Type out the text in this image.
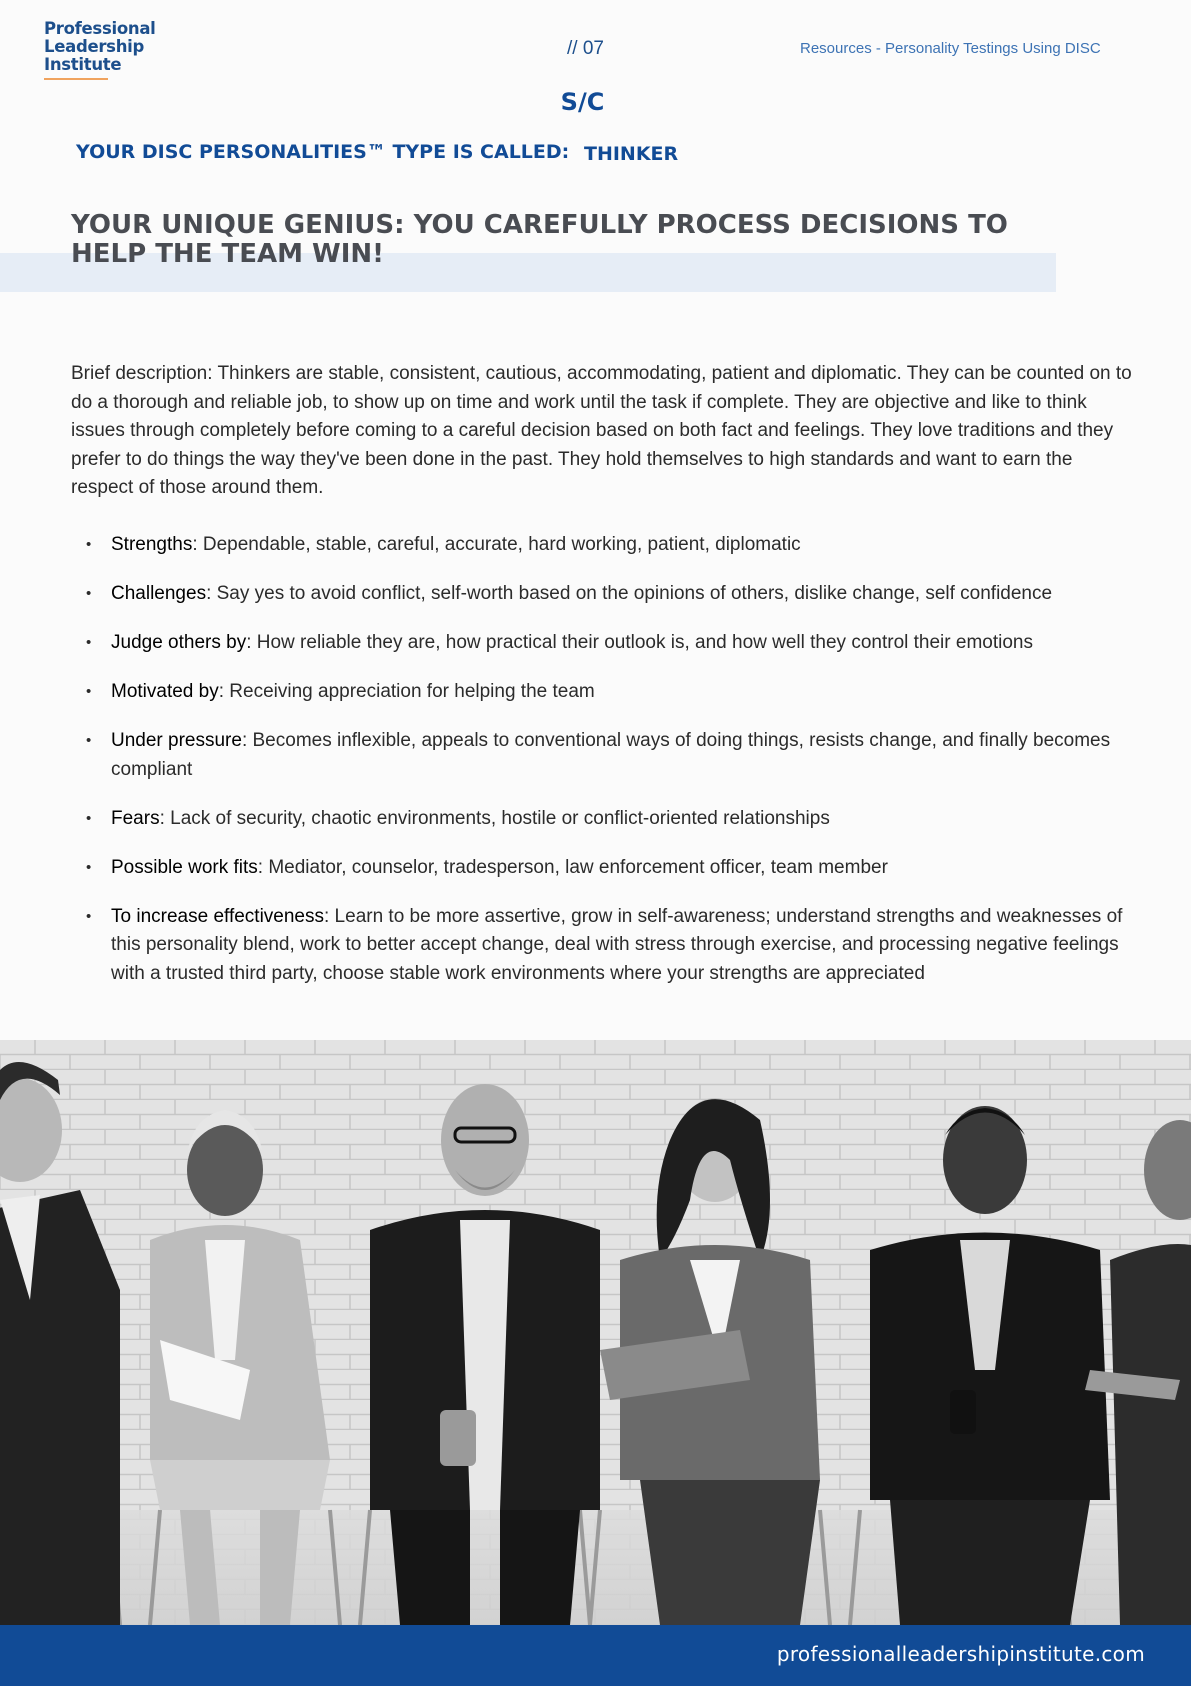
Professional
Leadership
Institute
// 07	Resources - Personality Testings Using DISC
S/C
YOUR DISC PERSONALITIES™ TYPE IS CALLED: THINKER
YOUR UNIQUE GENIUS: YOU CAREFULLY PROCESS DECISIONS TO HELP THE TEAM WIN!

Brief description: Thinkers are stable, consistent, cautious, accommodating, patient and diplomatic. They can be counted on to do a thorough and reliable job, to show up on time and work until the task if complete. They are objective and like to think issues through completely before coming to a careful decision based on both fact and feelings. They love traditions and they prefer to do things the way they've been done in the past. They hold themselves to high standards and want to earn the respect of those around them.

• Strengths: Dependable, stable, careful, accurate, hard working, patient, diplomatic
• Challenges: Say yes to avoid conflict, self-worth based on the opinions of others, dislike change, self confidence
• Judge others by: How reliable they are, how practical their outlook is, and how well they control their emotions
• Motivated by: Receiving appreciation for helping the team
• Under pressure: Becomes inflexible, appeals to conventional ways of doing things, resists change, and finally becomes compliant
• Fears: Lack of security, chaotic environments, hostile or conflict-oriented relationships
• Possible work fits: Mediator, counselor, tradesperson, law enforcement officer, team member
• To increase effectiveness: Learn to be more assertive, grow in self-awareness; understand strengths and weaknesses of this personality blend, work to better accept change, deal with stress through exercise, and processing negative feelings with a trusted third party, choose stable work environments where your strengths are appreciated
professionalleadershipinstitute.com
